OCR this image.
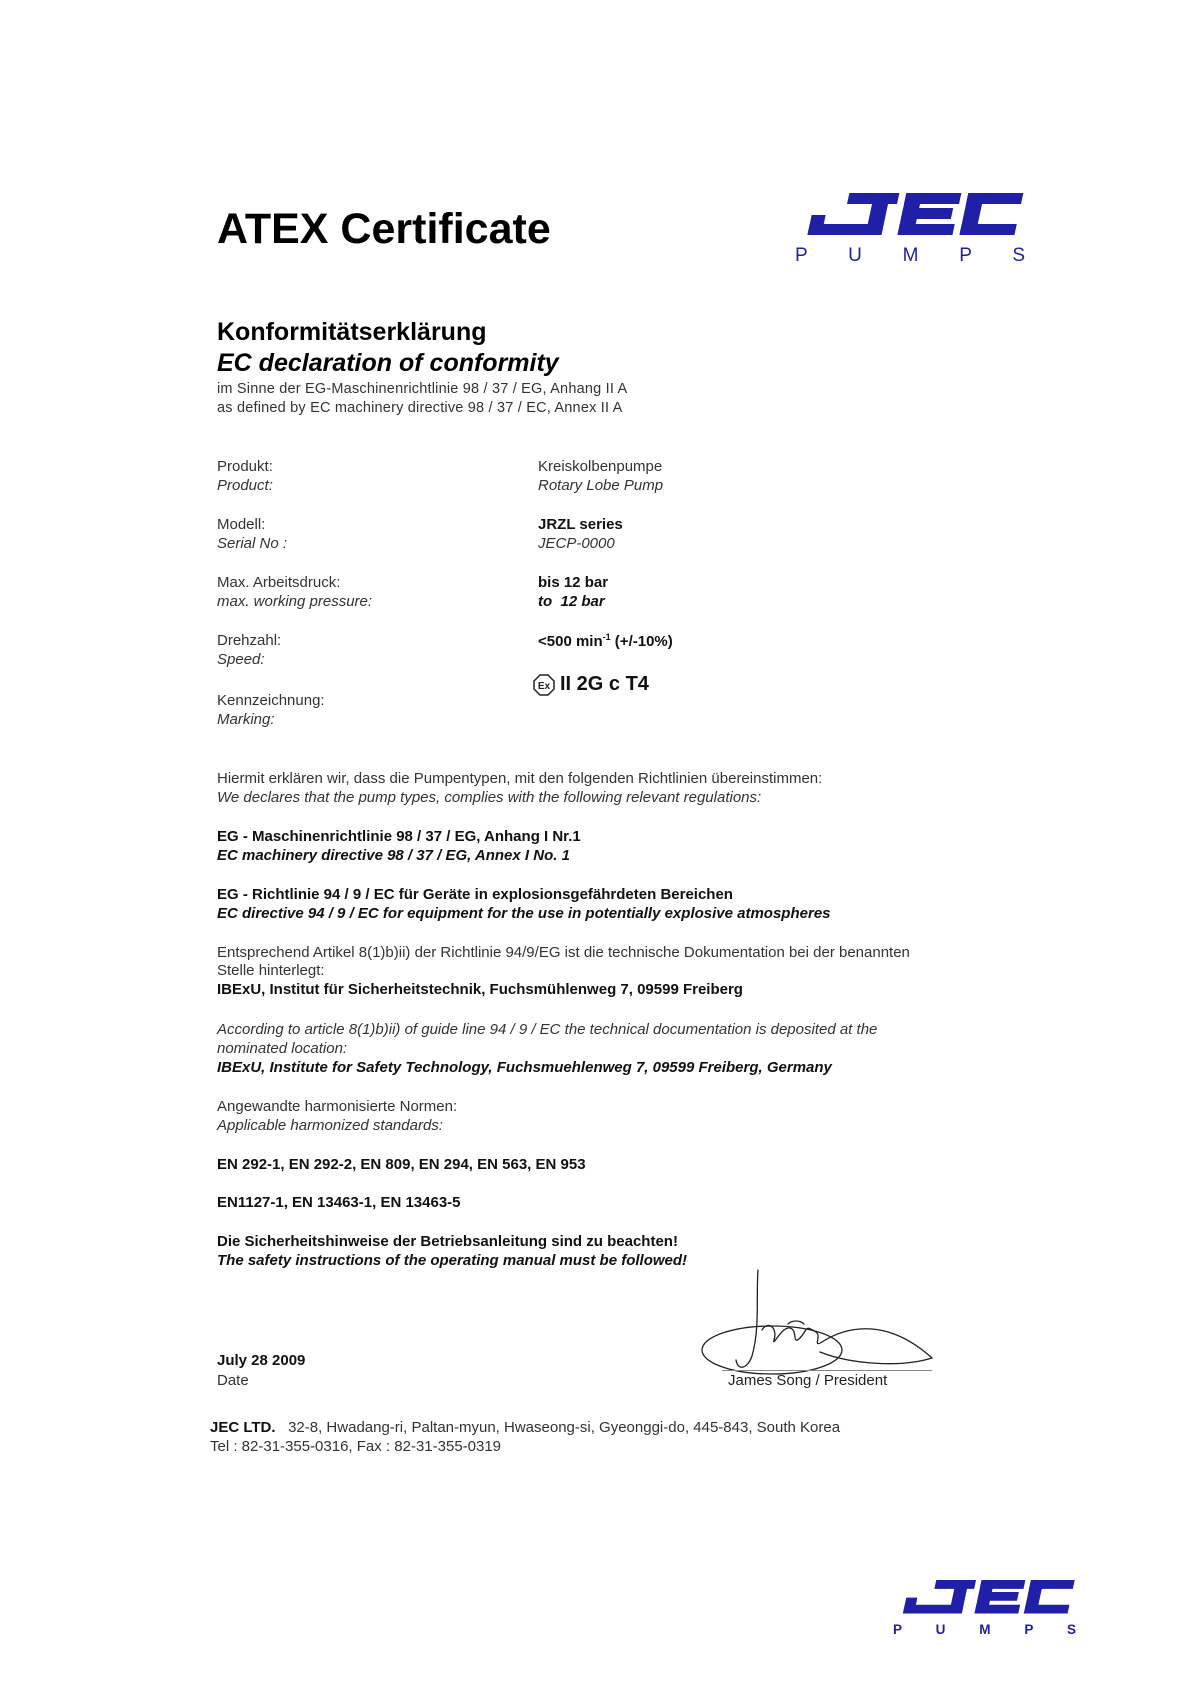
ATEX Certificate
P U M P S
Konformitätserklärung
EC declaration of conformity
im Sinne der EG-Maschinenrichtlinie 98 / 37 / EG, Anhang II A
as defined by EC machinery directive 98 / 37 / EC, Annex II A
Produkt:
Product:
Kreiskolbenpumpe
Rotary Lobe Pump
Modell:
Serial No :
JRZL series
JECP-0000
Max. Arbeitsdruck:
max. working pressure:
bis 12 bar
to  12 bar
Drehzahl:
Speed:
<500 $\min^{-1} (+/-10\%)$
Ex II 2G c T4
Kennzeichnung:
Marking:
Hiermit erklären wir, dass die Pumpentypen, mit den folgenden Richtlinien übereinstimmen:
We declares that the pump types, complies with the following relevant regulations:
EG - Maschinenrichtlinie 98 / 37 / EG, Anhang I Nr.1
EC machinery directive 98 / 37 / EG, Annex I No. 1
EG - Richtlinie 94 / 9 / EC für Geräte in explosionsgefährdeten Bereichen
EC directive 94 / 9 / EC for equipment for the use in potentially explosive atmospheres
Entsprechend Artikel 8(1)b)ii) der Richtlinie 94/9/EG ist die technische Dokumentation bei der benannten
Stelle hinterlegt:
IBExU, Institut für Sicherheitstechnik, Fuchsmühlenweg 7, 09599 Freiberg
According to article 8(1)b)ii) of guide line 94 / 9 / EC the technical documentation is deposited at the
nominated location:
IBExU, Institute for Safety Technology, Fuchsmuehlenweg 7, 09599 Freiberg, Germany
Angewandte harmonisierte Normen:
Applicable harmonized standards:
EN 292-1, EN 292-2, EN 809, EN 294, EN 563, EN 953
EN1127-1, EN 13463-1, EN 13463-5
Die Sicherheitshinweise der Betriebsanleitung sind zu beachten!
The safety instructions of the operating manual must be followed!
James Song / President
July 28 2009
Date
JEC LTD. 32-8, Hwadang-ri, Paltan-myun, Hwaseong-si, Gyeonggi-do, 445-843, South Korea
Tel : 82-31-355-0316, Fax : 82-31-355-0319
P U M P S
